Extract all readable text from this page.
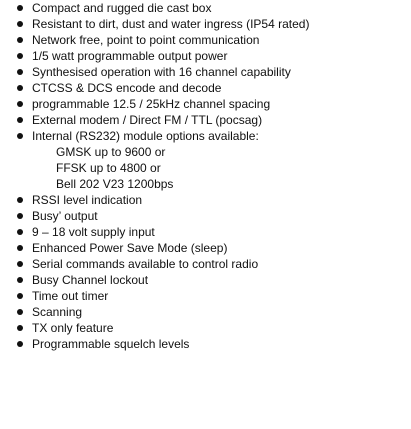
Compact and rugged die cast box
Resistant to dirt, dust and water ingress (IP54 rated)
Network free, point to point communication
1/5 watt programmable output power
Synthesised operation with 16 channel capability
CTCSS & DCS encode and decode
programmable 12.5 / 25kHz channel spacing
External modem / Direct FM / TTL (pocsag)
Internal (RS232) module options available:
GMSK up to 9600 or
FFSK up to 4800 or
Bell 202 V23 1200bps
RSSI level indication
Busy’ output
9 – 18 volt supply input
Enhanced Power Save Mode (sleep)
Serial commands available to control radio
Busy Channel lockout
Time out timer
Scanning
TX only feature
Programmable squelch levels
